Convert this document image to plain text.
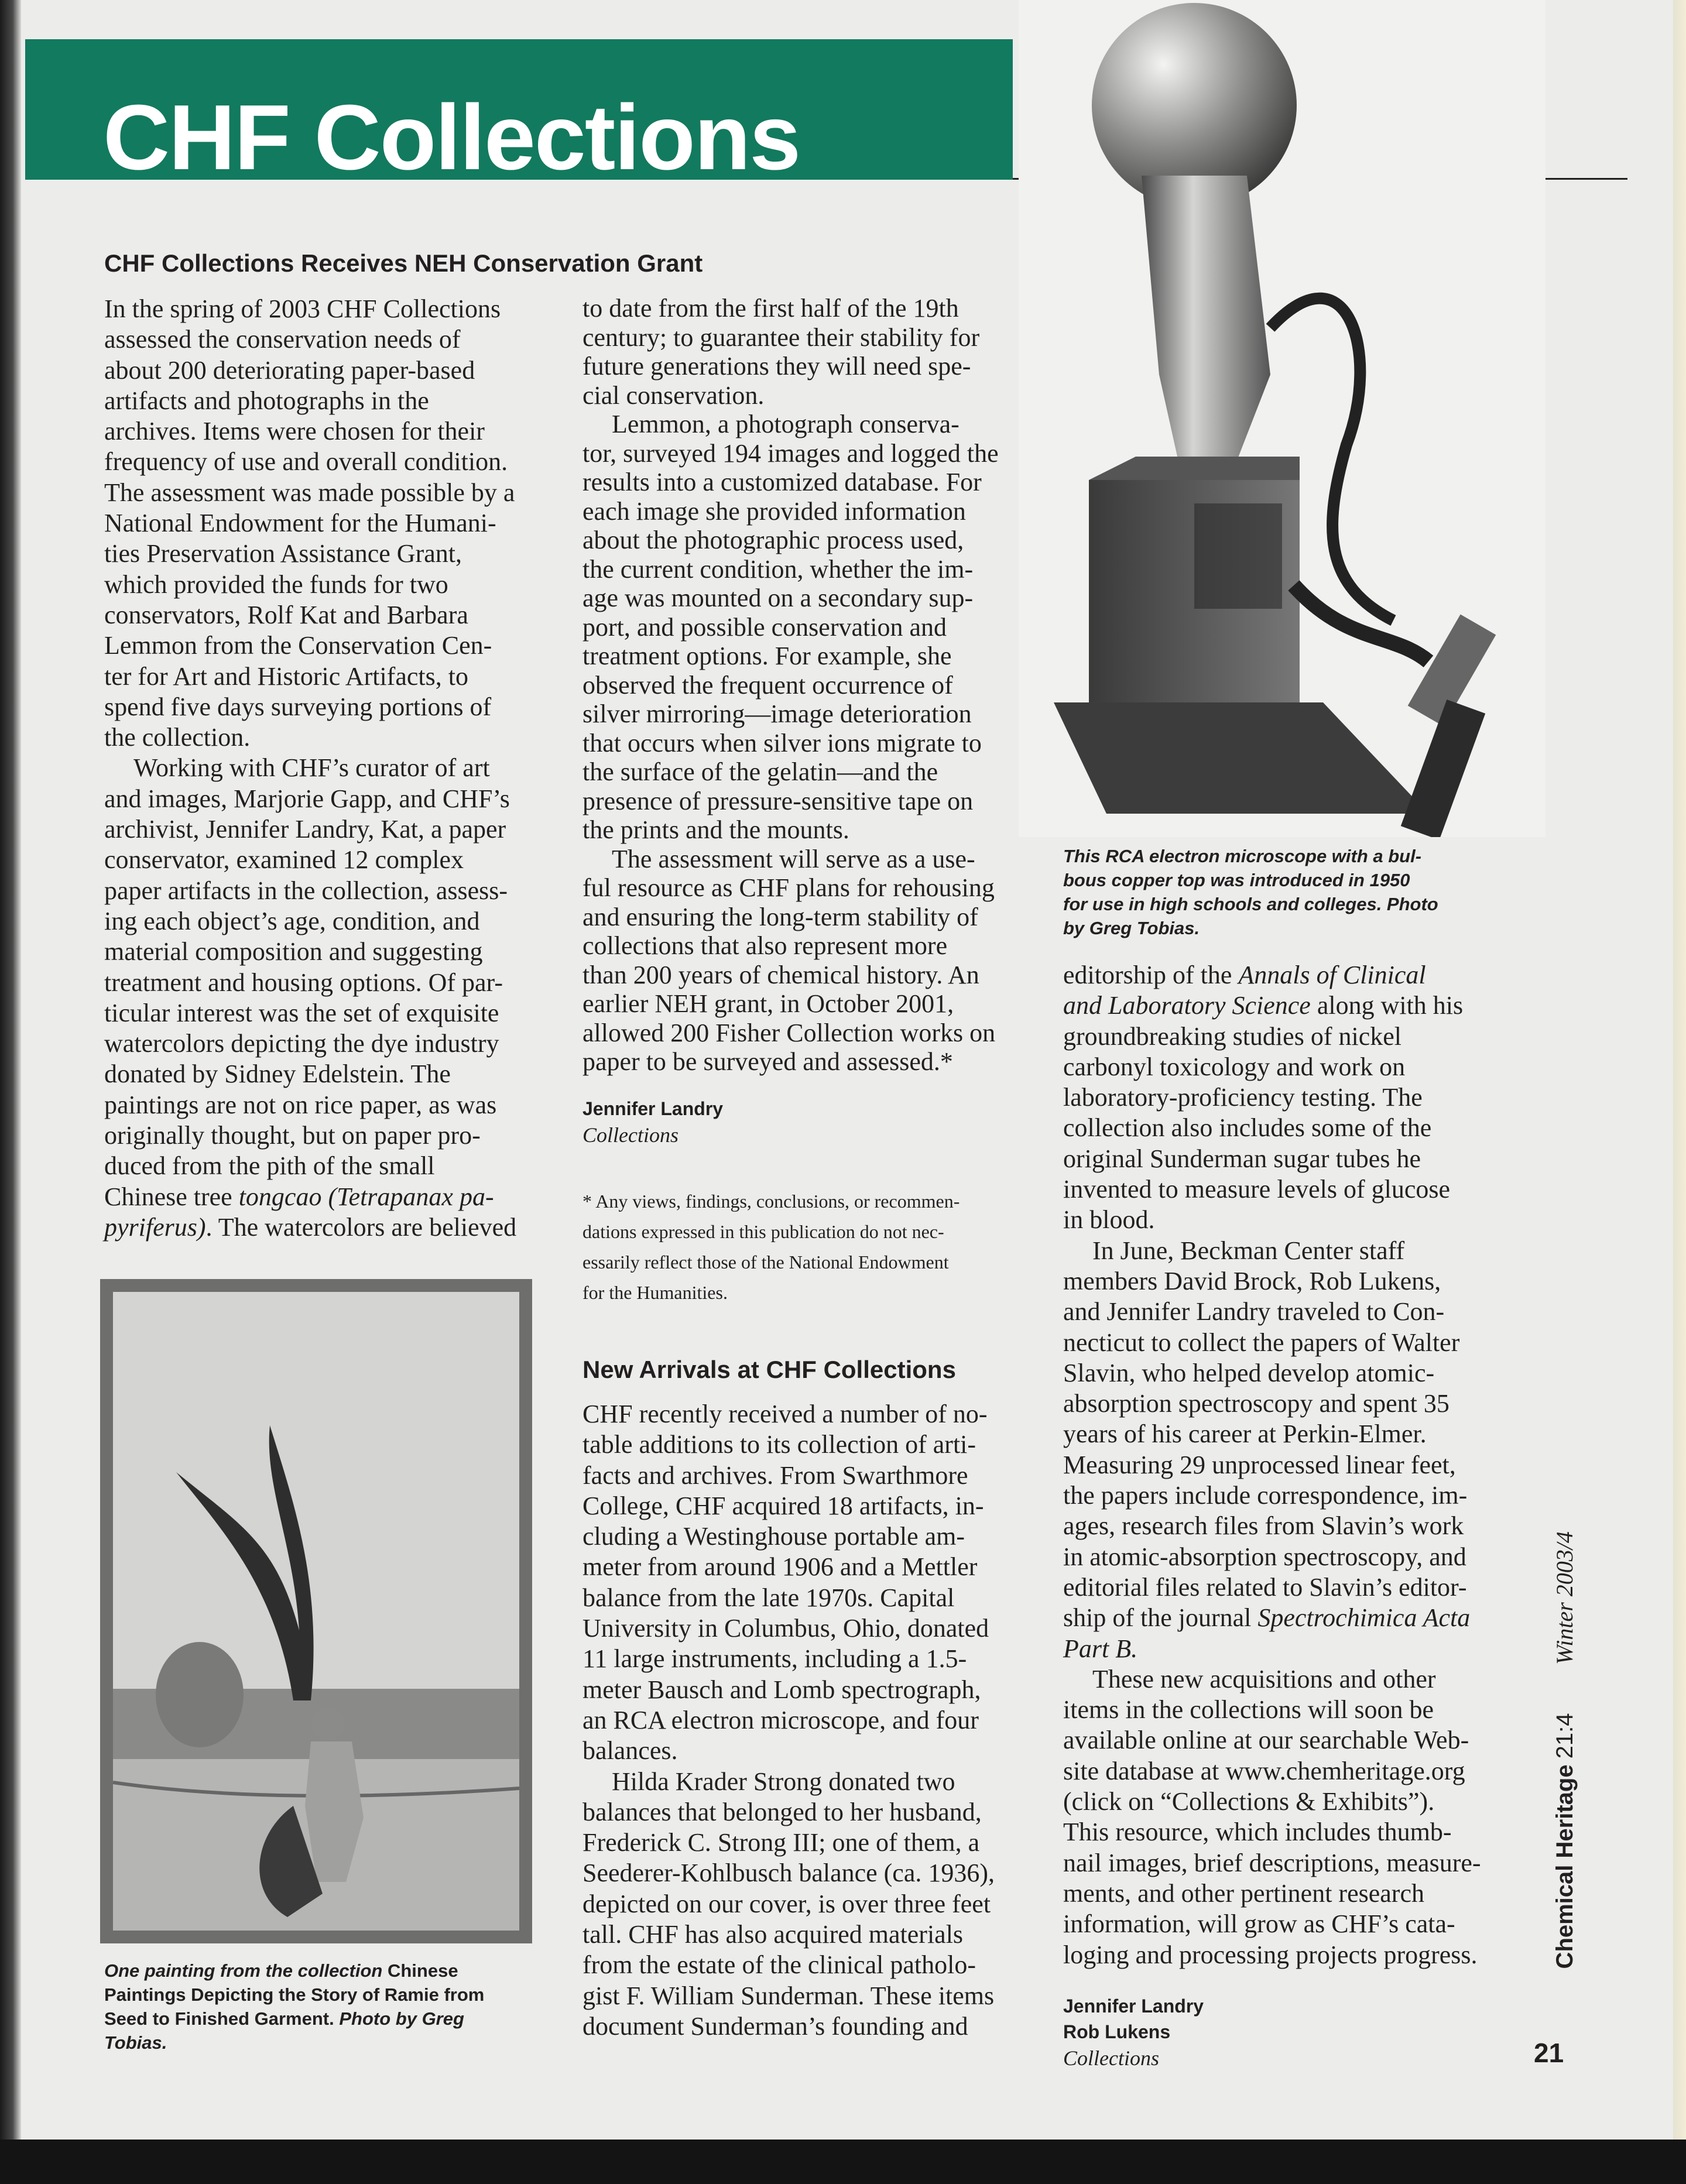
CHF Collections
CHF Collections Receives NEH Conservation Grant
In the spring of 2003 CHF Collections
assessed the conservation needs of
about 200 deteriorating paper-based
artifacts and photographs in the
archives. Items were chosen for their
frequency of use and overall condition.
The assessment was made possible by a
National Endowment for the Humani-
ties Preservation Assistance Grant,
which provided the funds for two
conservators, Rolf Kat and Barbara
Lemmon from the Conservation Cen-
ter for Art and Historic Artifacts, to
spend five days surveying portions of
the collection.
Working with CHF’s curator of art
and images, Marjorie Gapp, and CHF’s
archivist, Jennifer Landry, Kat, a paper
conservator, examined 12 complex
paper artifacts in the collection, assess-
ing each object’s age, condition, and
material composition and suggesting
treatment and housing options. Of par-
ticular interest was the set of exquisite
watercolors depicting the dye industry
donated by Sidney Edelstein. The
paintings are not on rice paper, as was
originally thought, but on paper pro-
duced from the pith of the small
Chinese tree tongcao (Tetrapanax pa-
pyriferus). The watercolors are believed
to date from the first half of the 19th
century; to guarantee their stability for
future generations they will need spe-
cial conservation.
Lemmon, a photograph conserva-
tor, surveyed 194 images and logged the
results into a customized database. For
each image she provided information
about the photographic process used,
the current condition, whether the im-
age was mounted on a secondary sup-
port, and possible conservation and
treatment options. For example, she
observed the frequent occurrence of
silver mirroring—image deterioration
that occurs when silver ions migrate to
the surface of the gelatin—and the
presence of pressure-sensitive tape on
the prints and the mounts.
The assessment will serve as a use-
ful resource as CHF plans for rehousing
and ensuring the long-term stability of
collections that also represent more
than 200 years of chemical history. An
earlier NEH grant, in October 2001,
allowed 200 Fisher Collection works on
paper to be surveyed and assessed.*
Jennifer Landry
Collections
* Any views, findings, conclusions, or recommen-
dations expressed in this publication do not nec-
essarily reflect those of the National Endowment
for the Humanities.
New Arrivals at CHF Collections
CHF recently received a number of no-
table additions to its collection of arti-
facts and archives. From Swarthmore
College, CHF acquired 18 artifacts, in-
cluding a Westinghouse portable am-
meter from around 1906 and a Mettler
balance from the late 1970s. Capital
University in Columbus, Ohio, donated
11 large instruments, including a 1.5-
meter Bausch and Lomb spectrograph,
an RCA electron microscope, and four
balances.
Hilda Krader Strong donated two
balances that belonged to her husband,
Frederick C. Strong III; one of them, a
Seederer-Kohlbusch balance (ca. 1936),
depicted on our cover, is over three feet
tall. CHF has also acquired materials
from the estate of the clinical patholo-
gist F. William Sunderman. These items
document Sunderman’s founding and
This RCA electron microscope with a bul-
bous copper top was introduced in 1950
for use in high schools and colleges. Photo
by Greg Tobias.
editorship of the Annals of Clinical
and Laboratory Science along with his
groundbreaking studies of nickel
carbonyl toxicology and work on
laboratory-proficiency testing. The
collection also includes some of the
original Sunderman sugar tubes he
invented to measure levels of glucose
in blood.
In June, Beckman Center staff
members David Brock, Rob Lukens,
and Jennifer Landry traveled to Con-
necticut to collect the papers of Walter
Slavin, who helped develop atomic-
absorption spectroscopy and spent 35
years of his career at Perkin-Elmer.
Measuring 29 unprocessed linear feet,
the papers include correspondence, im-
ages, research files from Slavin’s work
in atomic-absorption spectroscopy, and
editorial files related to Slavin’s editor-
ship of the journal Spectrochimica Acta
Part B.
These new acquisitions and other
items in the collections will soon be
available online at our searchable Web-
site database at www.chemheritage.org
(click on “Collections & Exhibits”).
This resource, which includes thumb-
nail images, brief descriptions, measure-
ments, and other pertinent research
information, will grow as CHF’s cata-
loging and processing projects progress.
Jennifer Landry
Rob Lukens
Collections
One painting from the collection Chinese
Paintings Depicting the Story of Ramie from
Seed to Finished Garment. Photo by Greg
Tobias.
Chemical Heritage 21:4
Winter 2003/4
21
